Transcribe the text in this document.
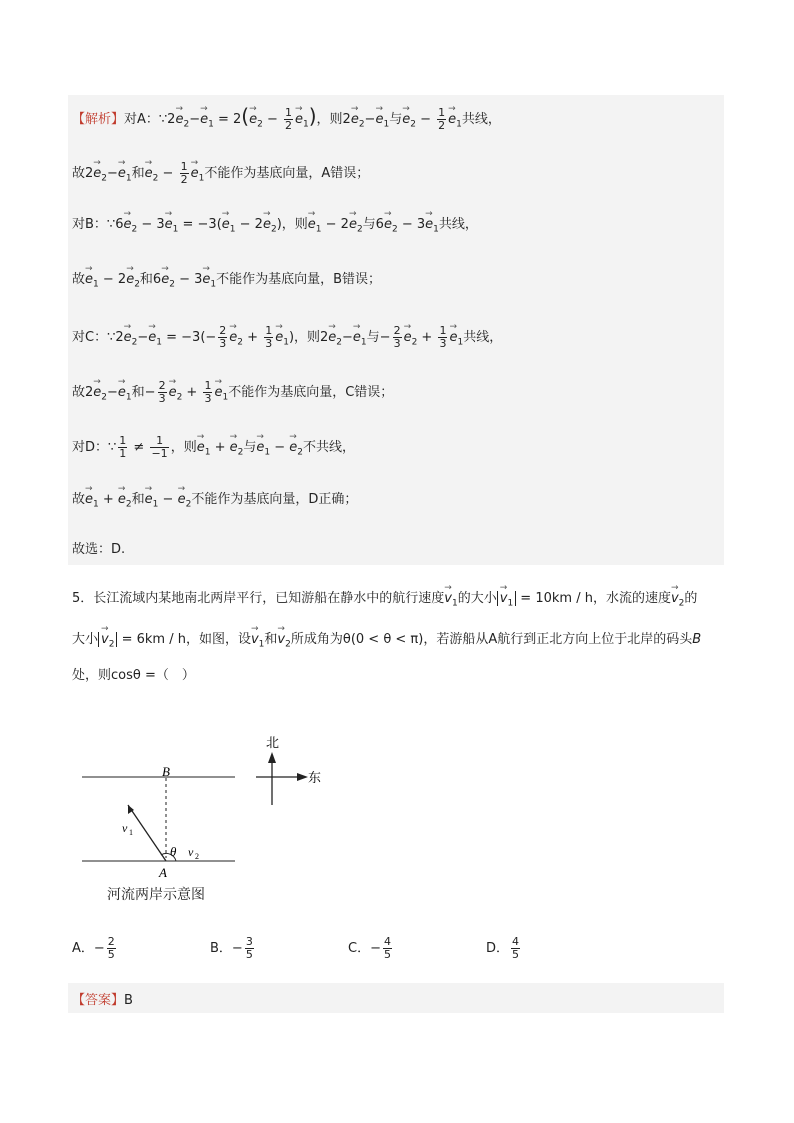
【解析】对A：∵2→ $e_2-\to e_1 = 2(\to e_2 - \frac{1}{2}$
→ $e_1$)，则$2\to e_2-\to e_1$与→ $e_2 - \frac{1}{2}$
→ $e_1$共线，
故$2\to e_2-\to e_1$和→ $e_2 - \frac{1}{2}$
→ $e_1$不能作为基底向量，A错误；
对B：∵6→ $e_2 - 3\to e_1 = -3(\to e_1 - 2\to e_2)$，则→ $e_1 - 2\to e_2$与$6\to e_2 - 3\to e_1$共线，
故→ $e_1 - 2\to e_2$和$6\to e_2 - 3\to e_1$不能作为基底向量，B错误；
对C：∵2→ $e_2-\to e_1 = -3(- \frac{2}{3}$
→ $e_2 + \frac{1}{3}$
→ $e_1$)，则$2\to e_2-\to e_1$与− $\frac{2}{3}$
→ $e_2 + \frac{1}{3}$
→ $e_1$共线，
故$2\to e_2-\to e_1$和− $\frac{2}{3}$
→ $e_2 + \frac{1}{3}$
→ $e_1$不能作为基底向量，C错误；
对D：∵ $\frac{1}{1} \ne \frac{1}{-1}$ ，则→ $e_1$ + → $e_2$与→ $e_1$ − → $e_2$不共线，
故→ $e_1$ + → $e_2$和→ $e_1$ − → $e_2$不能作为基底向量，D正确；
故选：D.
5．长江流域内某地南北两岸平行，已知游船在静水中的航行速度→ $v_1$的大小→ $v_1 = 10km / h$，水流的速度→ $v_2$的
大小→ $v_2 = 6km / h$，如图，设→ $v_1$和→ $v_2$所成角为θ(0 < θ < π)，若游船从A航行到正北方向上位于北岸的码头B
处，则cosθ =（　）
B
A
θ
v 1
v 2
北
东
河流两岸示意图
A．− $\frac{2}{5}$	B．− $\frac{3}{5}$	C．− $\frac{4}{5}$	D． $\frac{4}{5}$
【答案】B
